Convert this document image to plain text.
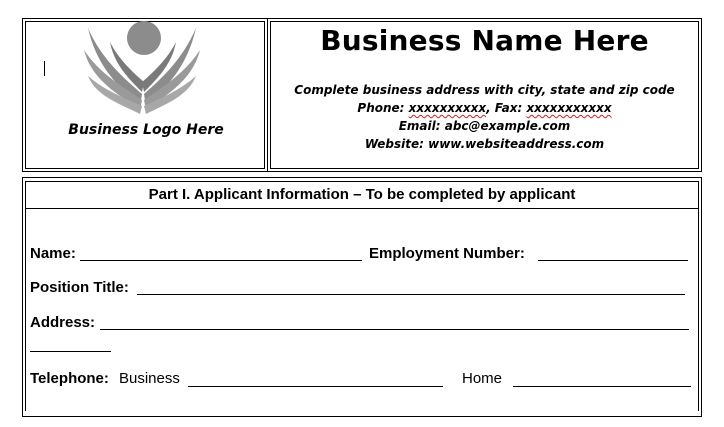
Business Logo Here
Business Name Here
Complete business address with city, state and zip code
Phone: xxxxxxxxxx, Fax: xxxxxxxxxxx
Email: abc@example.com
Website: www.websiteaddress.com
Part I. Applicant Information – To be completed by applicant
Name:	Employment Number:
Position Title:
Address:
Telephone: Business	Home
